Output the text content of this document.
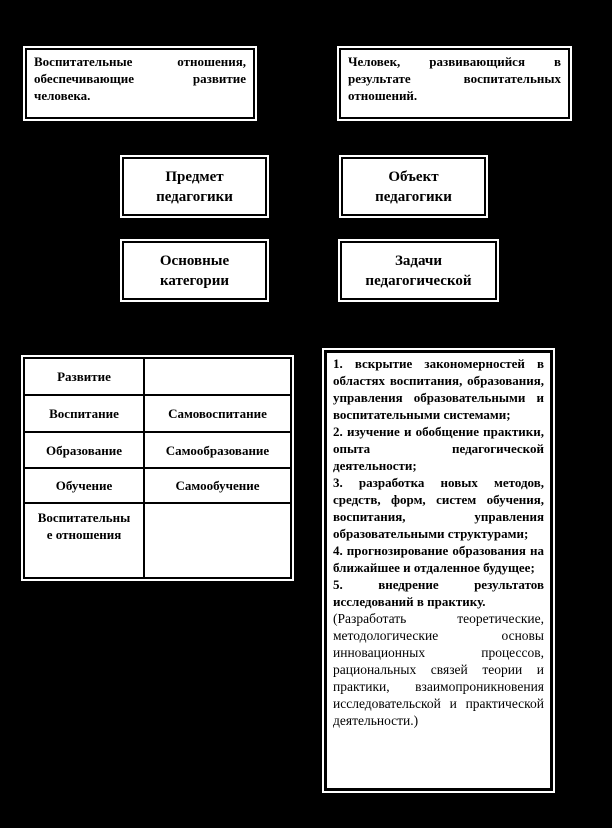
Воспитательные отношения, обеспечивающие развитие человека.

Человек, развивающийся в результате воспитательных отношений.

Предмет педагогики
Объект педагогики
Основные категории
Задачи педагогической
Развитие	
Воспитание	Самовоспитание
Образование	Самообразование
Обучение	Самообучение
Воспитательные отношения	

1. вскрытие закономерностей в областях воспитания, образования, управления образовательными и воспитательными системами;

2. изучение и обобщение практики, опыта педагогической деятельности;

3. разработка новых методов, средств, форм, систем обучения, воспитания, управления образовательными структурами;

4. прогнозирование образования на ближайшее и отдаленное будущее;

5. внедрение результатов исследований в практику.

(Разработать теоретические, методологические основы инновационных процессов, рациональных связей теории и практики, взаимопроникновения исследовательской и практической деятельности.)
